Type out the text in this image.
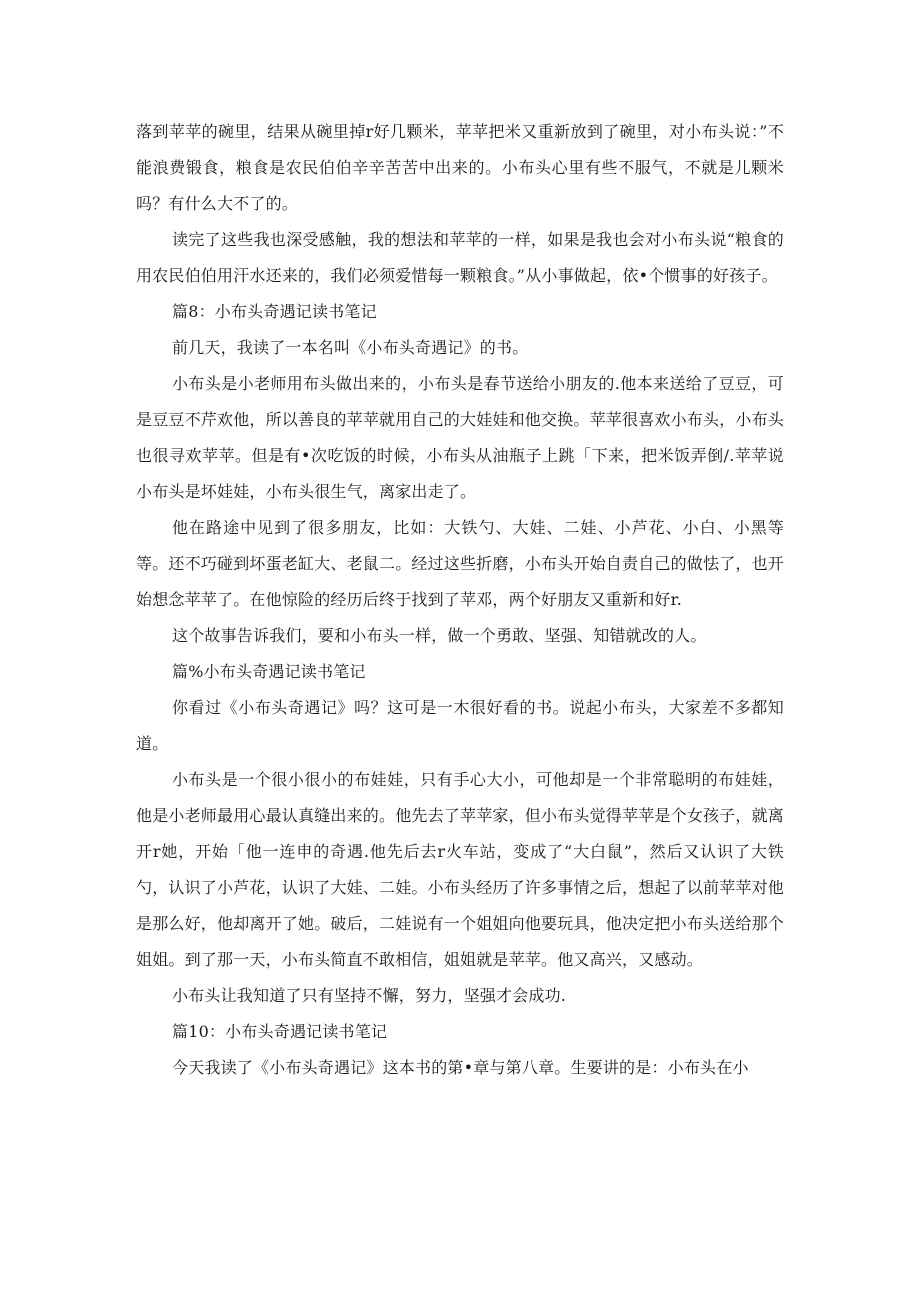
落到苹苹的碗里，结果从碗里掉r好几颗米，苹苹把米又重新放到了碗里，对小布头说：”不能浪费锻食，粮食是农民伯伯辛辛苦苦中出来的。小布头心里有些不服气，不就是儿颗米吗？有什么大不了的。

读完了这些我也深受感触，我的想法和苹苹的一样，如果是我也会对小布头说“粮食的用农民伯伯用汗水还来的，我们必须爱惜每一颗粮食。”从小事做起，依•个惯事的好孩子。

篇8：小布头奇遇记读书笔记

前几天，我读了一本名叫《小布头奇遇记》的书。

小布头是小老师用布头做出来的，小布头是春节送给小朋友的.他本来送给了豆豆，可是豆豆不芹欢他，所以善良的苹苹就用自己的大娃娃和他交换。苹苹很喜欢小布头，小布头也很寻欢苹苹。但是有•次吃饭的时候，小布头从油瓶子上跳「下来，把米饭弄倒/.苹苹说小布头是坏娃娃，小布头很生气，离家出走了。

他在路途中见到了很多朋友，比如：大铁勺、大娃、二娃、小芦花、小白、小黑等等。还不巧碰到坏蛋老缸大、老鼠二。经过这些折磨，小布头开始自责自己的做怯了，也开始想念苹苹了。在他惊险的经历后终于找到了苹邓，两个好朋友又重新和好r.

这个故事告诉我们，要和小布头一样，做一个勇敢、坚强、知错就改的人。

篇%小布头奇遇记读书笔记

你看过《小布头奇遇记》吗？这可是一木很好看的书。说起小布头，大家差不多都知道。

小布头是一个很小很小的布娃娃，只有手心大小，可他却是一个非常聪明的布娃娃，他是小老师最用心最认真缝出来的。他先去了苹苹家，但小布头觉得苹苹是个女孩子，就离开r她，开始「他一连申的奇遇.他先后去r火车站，变成了“大白鼠”，然后又认识了大铁勺，认识了小芦花，认识了大娃、二娃。小布头经历了许多事情之后，想起了以前苹苹对他是那么好，他却离开了她。破后，二娃说有一个姐姐向他要玩具，他决定把小布头送给那个姐姐。到了那一天，小布头简直不敢相信，姐姐就是苹苹。他又高兴，又感动。

小布头让我知道了只有坚持不懈，努力，坚强才会成功.

篇10：小布头奇遇记读书笔记

今天我读了《小布头奇遇记》这本书的第•章与第八章。生要讲的是：小布头在小
